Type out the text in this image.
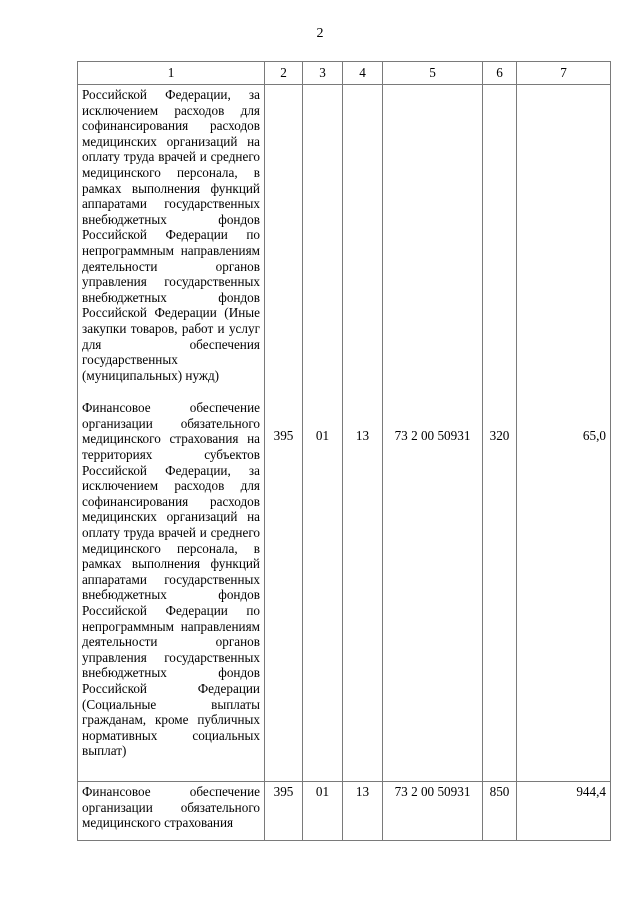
2
1	2	3	4	5	6	7

Российской Федерации, за исключением расходов для софинансирования расходов медицинских организаций на оплату труда врачей и среднего медицинского персонала, в рамках выполнения функций аппаратами государственных внебюджетных фондов Российской Федерации по непрограммным направлениям деятельности органов управления государственных внебюджетных фондов Российской Федерации (Иные закупки товаров, работ и услуг для обеспечения государственных (муниципальных) нужд)
Финансовое обеспечение организации обязательного медицинского страхования на территориях субъектов Российской Федерации, за исключением расходов для софинансирования расходов медицинских организаций на оплату труда врачей и среднего медицинского персонала, в рамках выполнения функций аппаратами государственных внебюджетных фондов Российской Федерации по непрограммным направлениям деятельности органов управления государственных внебюджетных фондов Российской Федерации (Социальные выплаты гражданам, кроме публичных нормативных социальных выплат)	395	01	13	73 2 00 50931	320	65,0

Финансовое обеспечение организации обязательного медицинского страхования	395	01	13	73 2 00 50931	850	944,4
